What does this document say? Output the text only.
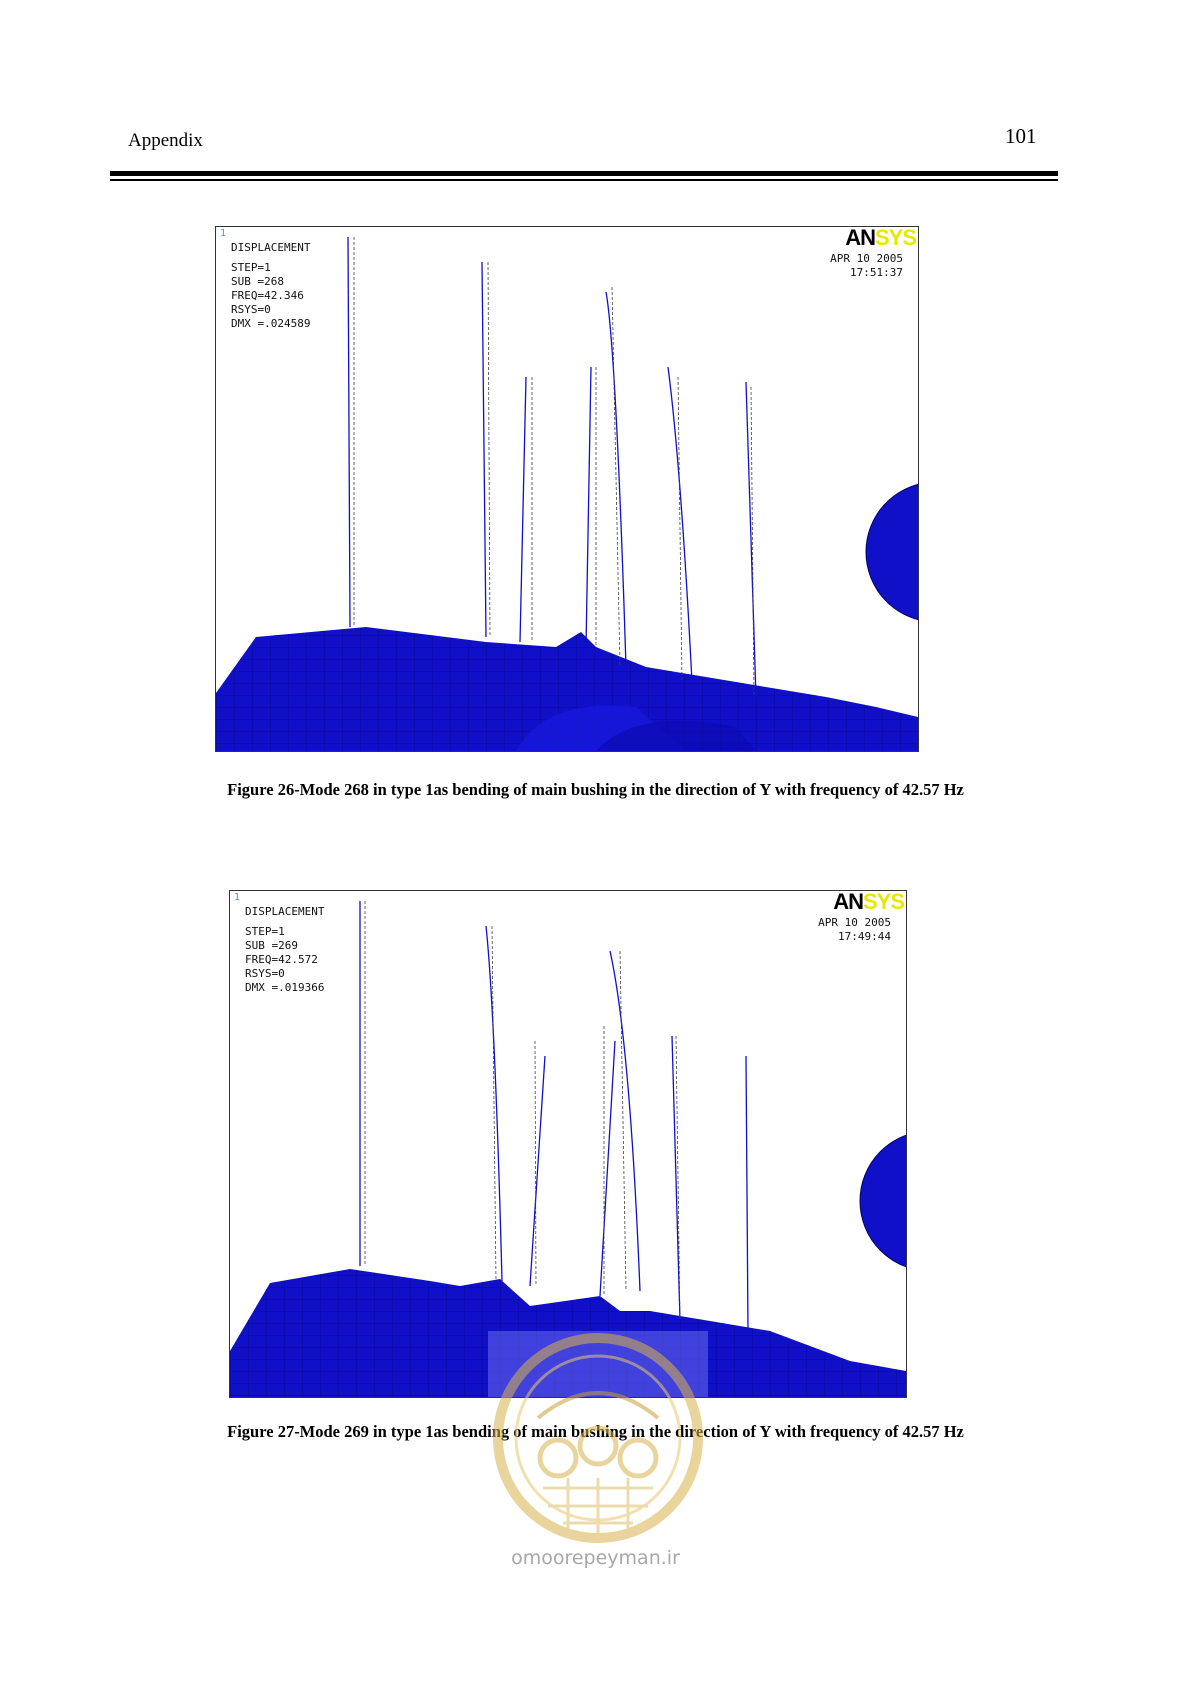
Appendix	101
1
DISPLACEMENT
STEP=1
SUB =268
FREQ=42.346
RSYS=0
DMX =.024589
ANSYS
APR 10 2005
17:51:37
Figure 26-Mode 268 in type 1as bending of main bushing in the direction of Y with frequency of 42.57 Hz
1
DISPLACEMENT
STEP=1
SUB =269
FREQ=42.572
RSYS=0
DMX =.019366
ANSYS
APR 10 2005
17:49:44
Figure 27-Mode 269 in type 1as bending of main bushing in the direction of Y with frequency of 42.57 Hz
omoorepeyman.ir
